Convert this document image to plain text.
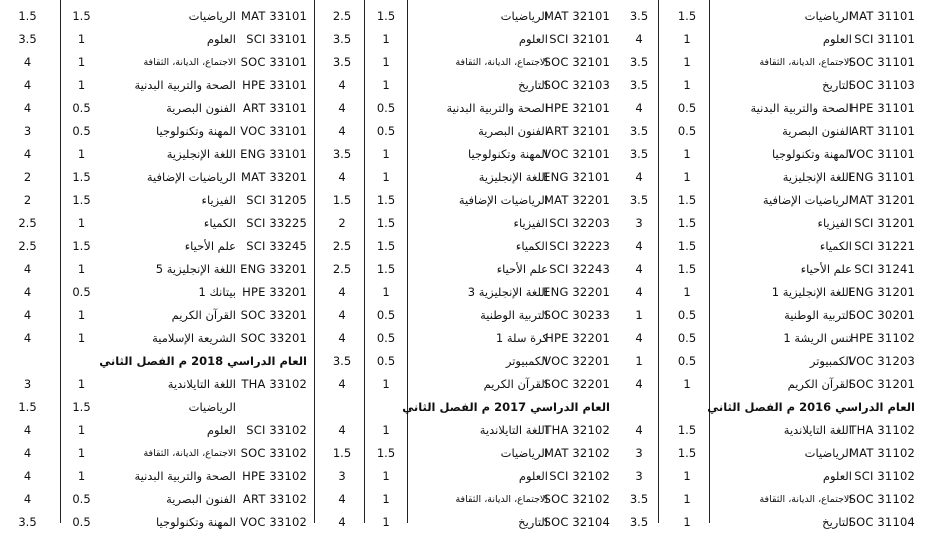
MAT 31101
الرياضيات
1.5
3.5
SCI 31101
العلوم
1
4
SOC 31101
الاجتماع، الديانة، الثقافة
1
3.5
SOC 31103
التاريخ
1
3.5
HPE 31101
الصحة والتربية البدنية
0.5
4
ART 31101
الفنون البصرية
0.5
3.5
VOC 31101
المهنة وتكنولوجيا
1
3.5
ENG 31101
اللغة الإنجليزية
1
4
MAT 31201
الرياضيات الإضافية
1.5
3.5
SCI 31201
الفيزياء
1.5
3
SCI 31221
الكمياء
1.5
4
SCI 31241
علم الأحياء
1.5
4
ENG 31201
اللغة الإنجليزية 1
1
4
SOC 30201
التربية الوطنية
0.5
1
HPE 31102
تنس الريشة 1
0.5
4
VOC 31203
الكمبيوتر
0.5
1
SOC 31201
القرآن الكريم
1
4
العام الدراسي 2016 م الفصل الثاني
THA 31102
اللغة التايلاندية
1.5
4
MAT 31102
الرياضيات
1.5
3
SCI 31102
العلوم
1
3
SOC 31102
الاجتماع، الديانة، الثقافة
1
3.5
SOC 31104
التاريخ
1
3.5
MAT 32101
الرياضيات
1.5
2.5
SCI 32101
العلوم
1
3.5
SOC 32101
الاجتماع، الديانة، الثقافة
1
3.5
SOC 32103
التاريخ
1
4
HPE 32101
الصحة والتربية البدنية
0.5
4
ART 32101
الفنون البصرية
0.5
4
VOC 32101
المهنة وتكنولوجيا
1
3.5
ENG 32101
اللغة الإنجليزية
1
4
MAT 32201
الرياضيات الإضافية
1.5
1.5
SCI 32203
الفيزياء
1.5
2
SCI 32223
الكمياء
1.5
2.5
SCI 32243
علم الأحياء
1.5
2.5
ENG 32201
اللغة الإنجليزية 3
1
4
SOC 30233
التربية الوطنية
0.5
4
HPE 32201
كرة سلة 1
0.5
4
VOC 32201
الكمبيوتر
0.5
3.5
SOC 32201
القرآن الكريم
1
4
العام الدراسي 2017 م الفصل الثاني
THA 32102
اللغة التايلاندية
1
4
MAT 32102
الرياضيات
1.5
1.5
SCI 32102
العلوم
1
3
SOC 32102
الاجتماع، الديانة، الثقافة
1
4
SOC 32104
التاريخ
1
4
MAT 33101
الرياضيات
1.5
1.5
SCI 33101
العلوم
1
3.5
SOC 33101
الاجتماع، الديانة، الثقافة
1
4
HPE 33101
الصحة والتربية البدنية
1
4
ART 33101
الفنون البصرية
0.5
4
VOC 33101
المهنة وتكنولوجيا
0.5
3
ENG 33101
اللغة الإنجليزية
1
4
MAT 33201
الرياضيات الإضافية
1.5
2
SCI 31205
الفيزياء
1.5
2
SCI 33225
الكمياء
1
2.5
SCI 33245
علم الأحياء
1.5
2.5
ENG 33201
اللغة الإنجليزية 5
1
4
HPE 33201
بيتانك 1
0.5
4
SOC 33201
القرآن الكريم
1
4
SOC 33201
الشريعة الإسلامية
1
4
العام الدراسي 2018 م الفصل الثاني
THA 33102
اللغة التايلاندية
1
3
الرياضيات
1.5
1.5
SCI 33102
العلوم
1
4
SOC 33102
الاجتماع، الديانة، الثقافة
1
4
HPE 33102
الصحة والتربية البدنية
1
4
ART 33102
الفنون البصرية
0.5
4
VOC 33102
المهنة وتكنولوجيا
0.5
3.5
